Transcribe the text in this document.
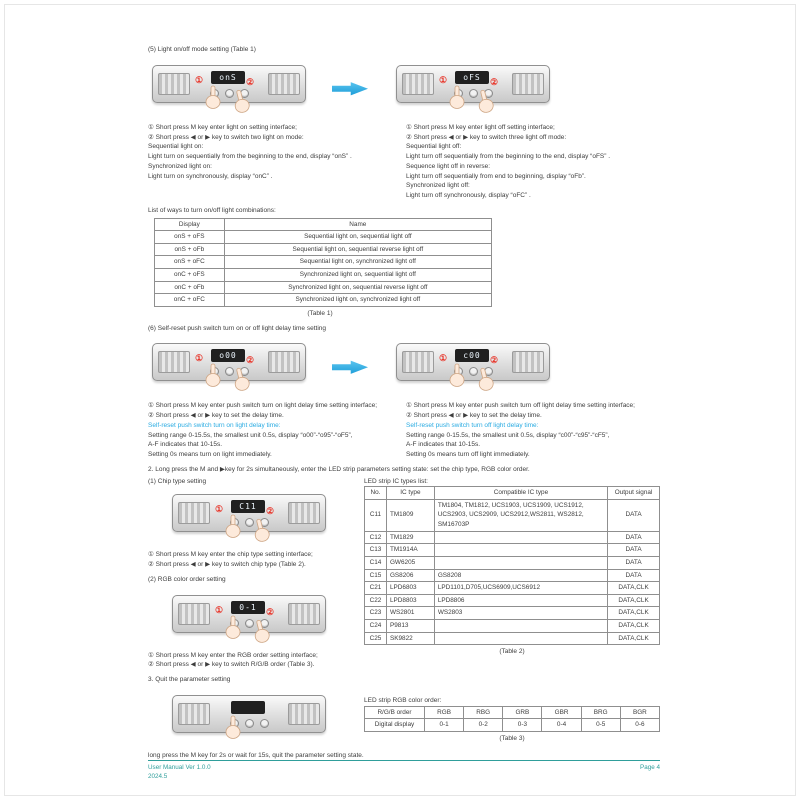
(5) Light on/off mode setting (Table 1)
onS
①	②	oFS
①	②
① Short press M key enter light on setting interface;
② Short press ◀ or ▶ key to switch two light on mode:
Sequential light on:
Light turn on sequentially from the beginning to the end, display “onS” .
Synchronized light on:
Light turn on synchronously, display “onC” .
① Short press M key enter light off setting interface;
② Short press ◀ or ▶ key to switch three light off mode:
Sequential light off:
Light turn off sequentially from the beginning to the end, display “oFS” .
Sequence light off in reverse:
Light turn off sequentially from end to beginning, display “oFb”.
Synchronized light off:
Light turn off synchronously, display “oFC” .
List of ways to turn on/off light combinations:
Display	Name
onS + oFS	Sequential light on, sequential light off
onS + oFb	Sequential light on, sequential reverse light off
onS + oFC	Sequential light on, synchronized light off
onC + oFS	Synchronized light on, sequential light off
onC + oFb	Synchronized light on, sequential reverse light off
onC + oFC	Synchronized light on, synchronized light off
(Table 1)
(6) Self-reset push switch turn on or off light delay time setting
o00
①	②	c00
①	②
① Short press M key enter push switch turn on light delay time setting interface;
② Short press ◀ or ▶ key to set the delay time.
Self-reset push switch turn on light delay time:
Setting range 0-15.5s, the smallest unit 0.5s, display “o00”-“o95”-“oF5”,
A-F indicates that 10-15s.
Setting 0s means turn on light immediately.
① Short press M key enter push switch turn off light delay time setting interface;
② Short press ◀ or ▶ key to set the delay time.
Self-reset push switch turn off light delay time:
Setting range 0-15.5s, the smallest unit 0.5s, display “c00”-“c95”-“cF5”,
A-F indicates that 10-15s.
Setting 0s means turn off light immediately.
2. Long press the M and ▶key for 2s simultaneously, enter the LED strip parameters setting state: set the chip type, RGB color order.
(1) Chip type setting
C11
①	②
① Short press M key enter the chip type setting interface;
② Short press ◀ or ▶ key to switch chip type (Table 2).
(2) RGB color order setting
0-1
①	②
① Short press M key enter the RGB order setting interface;
② Short press ◀ or ▶ key to switch R/G/B order (Table 3).
3. Quit the parameter setting
long press the M key for 2s or wait for 15s, quit the parameter setting state.
LED strip IC types list:
No.	IC type	Compatible IC type	Output signal
C11	TM1809	TM1804, TM1812, UCS1903, UCS1909, UCS1912, UCS2903, UCS2909, UCS2912,WS2811, WS2812, SM16703P	DATA
C12	TM1829		DATA
C13	TM1914A		DATA
C14	GW6205		DATA
C15	GS8206	GS8208	DATA
C21	LPD6803	LPD1101,D705,UCS6909,UCS6912	DATA,CLK
C22	LPD8803	LPD8806	DATA,CLK
C23	WS2801	WS2803	DATA,CLK
C24	P9813		DATA,CLK
C25	SK9822		DATA,CLK
(Table 2)
LED strip RGB color order:
R/G/B order	RGB	RBG	GRB	GBR	BRG	BGR
Digital display	0-1	0-2	0-3	0-4	0-5	0-6
(Table 3)
User Manual Ver 1.0.0
2024.5
Page 4
